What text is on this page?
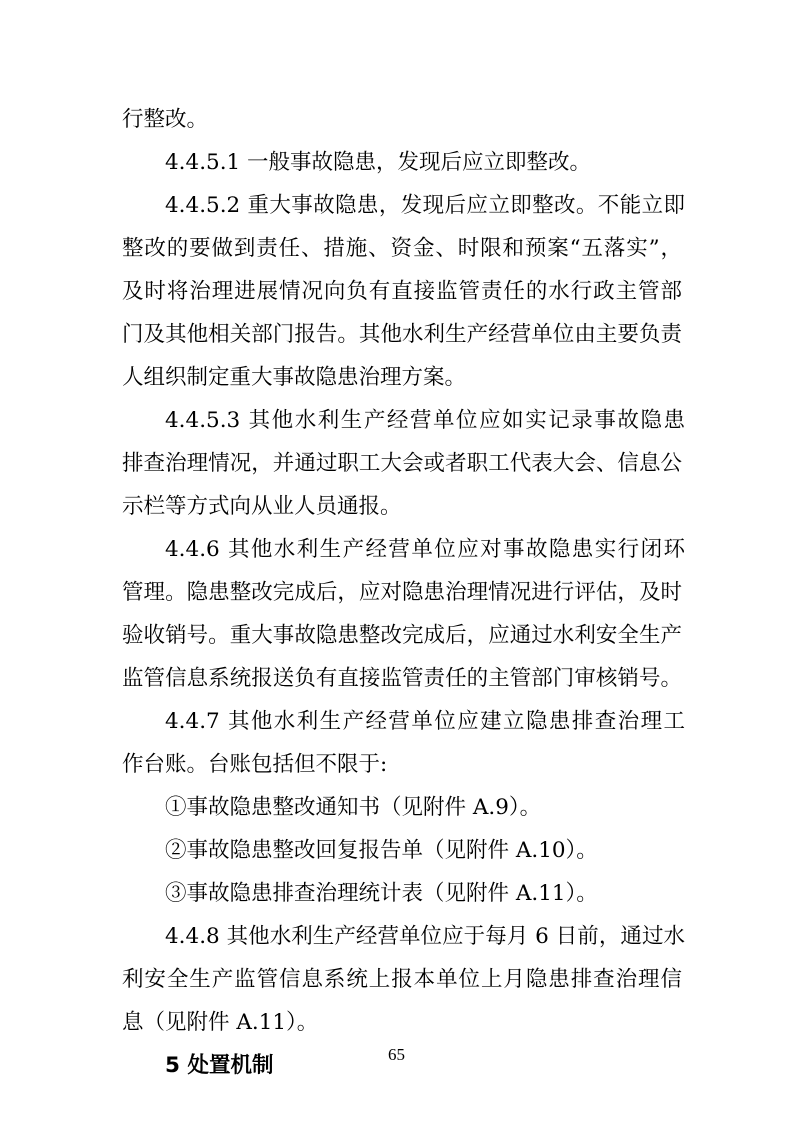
行整改。
4.4.5.1 一般事故隐患，发现后应立即整改。
4.4.5.2 重大事故隐患，发现后应立即整改。不能立即
整改的要做到责任、措施、资金、时限和预案“五落实”，
及时将治理进展情况向负有直接监管责任的水行政主管部
门及其他相关部门报告。其他水利生产经营单位由主要负责
人组织制定重大事故隐患治理方案。
4.4.5.3 其他水利生产经营单位应如实记录事故隐患
排查治理情况，并通过职工大会或者职工代表大会、信息公
示栏等方式向从业人员通报。
4.4.6 其他水利生产经营单位应对事故隐患实行闭环
管理。隐患整改完成后，应对隐患治理情况进行评估，及时
验收销号。重大事故隐患整改完成后，应通过水利安全生产
监管信息系统报送负有直接监管责任的主管部门审核销号。
4.4.7 其他水利生产经营单位应建立隐患排查治理工
作台账。台账包括但不限于:
①事故隐患整改通知书（见附件 A.9）。
②事故隐患整改回复报告单（见附件 A.10）。
③事故隐患排查治理统计表（见附件 A.11）。
4.4.8 其他水利生产经营单位应于每月 6 日前，通过水
利安全生产监管信息系统上报本单位上月隐患排查治理信
息（见附件 A.11）。
5 处置机制	65
